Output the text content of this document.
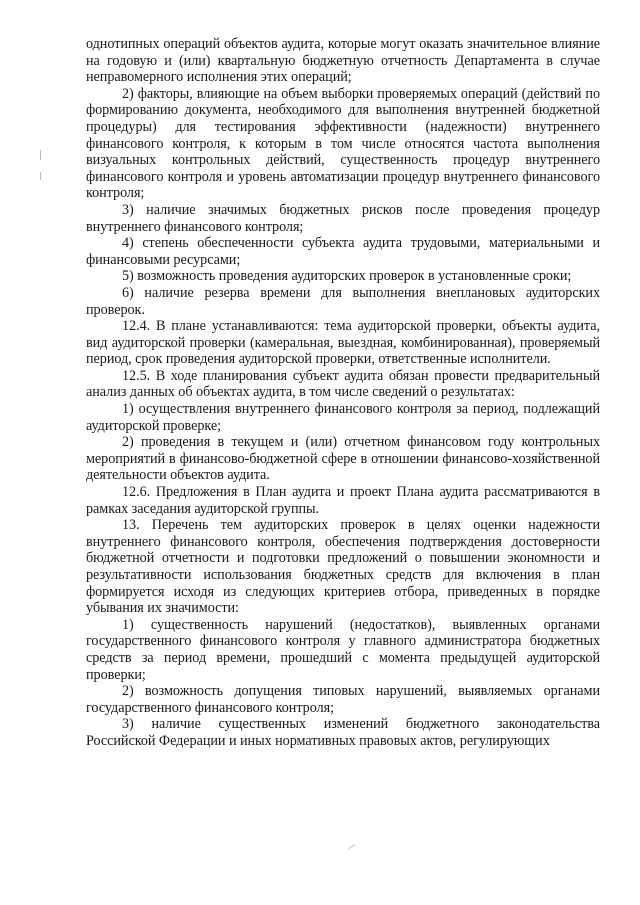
однотипных операций объектов аудита, которые могут оказать значительное влияние на годовую и (или) квартальную бюджетную отчетность Департамента в случае неправомерного исполнения этих операций;

2) факторы, влияющие на объем выборки проверяемых операций (действий по формированию документа, необходимого для выполнения внутренней бюджетной процедуры) для тестирования эффективности (надежности) внутреннего финансового контроля, к которым в том числе относятся частота выполнения визуальных контрольных действий, существенность процедур внутреннего финансового контроля и уровень автоматизации процедур внутреннего финансового контроля;

3) наличие значимых бюджетных рисков после проведения процедур внутреннего финансового контроля;

4) степень обеспеченности субъекта аудита трудовыми, материальными и финансовыми ресурсами;

5) возможность проведения аудиторских проверок в установленные сроки;

6) наличие резерва времени для выполнения внеплановых аудиторских проверок.

12.4. В плане устанавливаются: тема аудиторской проверки, объекты аудита, вид аудиторской проверки (камеральная, выездная, комбинированная), проверяемый период, срок проведения аудиторской проверки, ответственные исполнители.

12.5. В ходе планирования субъект аудита обязан провести предварительный анализ данных об объектах аудита, в том числе сведений о результатах:

1) осуществления внутреннего финансового контроля за период, подлежащий аудиторской проверке;

2) проведения в текущем и (или) отчетном финансовом году контрольных мероприятий в финансово-бюджетной сфере в отношении финансово-хозяйственной деятельности объектов аудита.

12.6. Предложения в План аудита и проект Плана аудита рассматриваются в рамках заседания аудиторской группы.

13. Перечень тем аудиторских проверок в целях оценки надежности внутреннего финансового контроля, обеспечения подтверждения достоверности бюджетной отчетности и подготовки предложений о повышении экономности и результативности использования бюджетных средств для включения в план формируется исходя из следующих критериев отбора, приведенных в порядке убывания их значимости:

1) существенность нарушений (недостатков), выявленных органами государственного финансового контроля у главного администратора бюджетных средств за период времени, прошедший с момента предыдущей аудиторской проверки;

2) возможность допущения типовых нарушений, выявляемых органами государственного финансового контроля;

3) наличие существенных изменений бюджетного законодательства Российской Федерации и иных нормативных правовых актов, регулирующих
